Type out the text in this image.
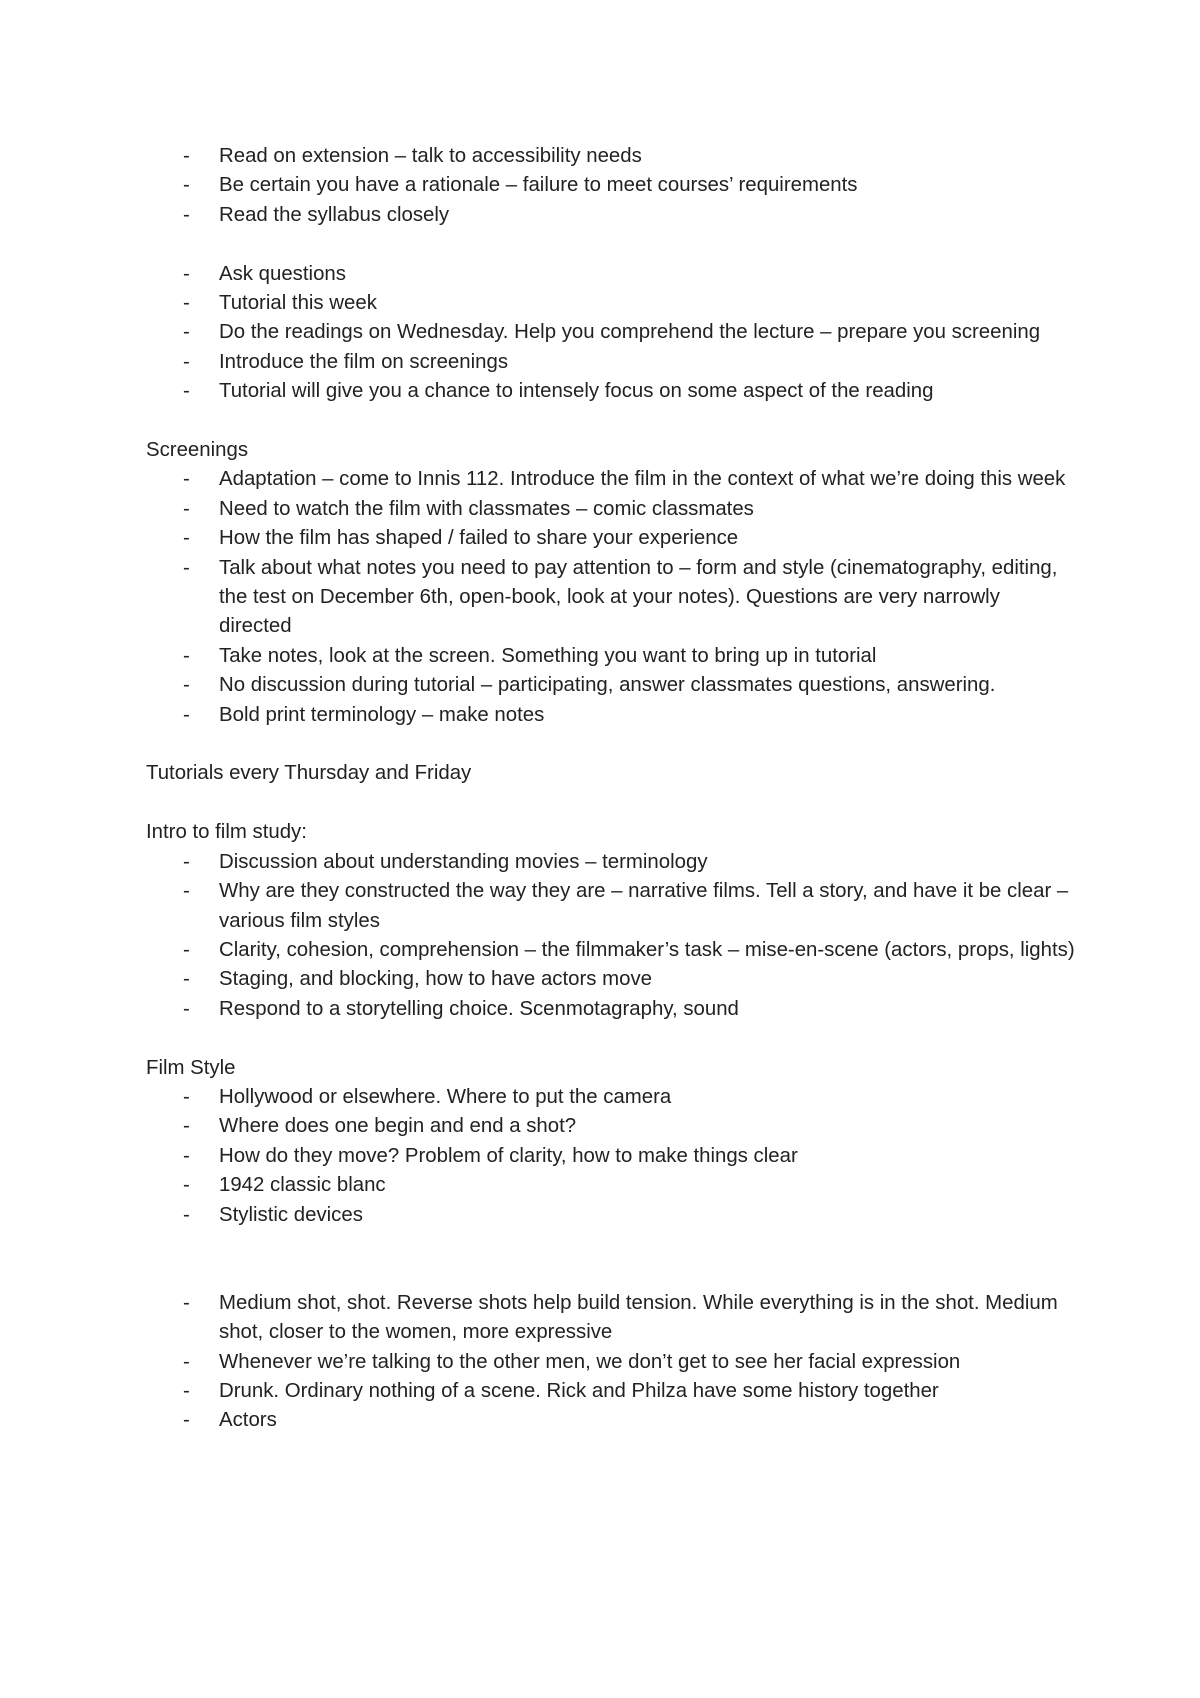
- Read on extension – talk to accessibility needs
- Be certain you have a rationale – failure to meet courses’ requirements
- Read the syllabus closely
- Ask questions
- Tutorial this week
- Do the readings on Wednesday. Help you comprehend the lecture – prepare you screening
- Introduce the film on screenings
- Tutorial will give you a chance to intensely focus on some aspect of the reading

Screenings

- Adaptation – come to Innis 112. Introduce the film in the context of what we’re doing this week
- Need to watch the film with classmates – comic classmates
- How the film has shaped / failed to share your experience
- Talk about what notes you need to pay attention to – form and style (cinematography, editing, the test on December 6th, open-book, look at your notes). Questions are very narrowly directed
- Take notes, look at the screen. Something you want to bring up in tutorial
- No discussion during tutorial – participating, answer classmates questions, answering.
- Bold print terminology – make notes

Tutorials every Thursday and Friday

Intro to film study:

- Discussion about understanding movies – terminology
- Why are they constructed the way they are – narrative films. Tell a story, and have it be clear – various film styles
- Clarity, cohesion, comprehension – the filmmaker’s task – mise-en-scene (actors, props, lights)
- Staging, and blocking, how to have actors move
- Respond to a storytelling choice. Scenmotagraphy, sound

Film Style

- Hollywood or elsewhere. Where to put the camera
- Where does one begin and end a shot?
- How do they move? Problem of clarity, how to make things clear
- 1942 classic blanc
- Stylistic devices
- Medium shot, shot. Reverse shots help build tension. While everything is in the shot. Medium shot, closer to the women, more expressive
- Whenever we’re talking to the other men, we don’t get to see her facial expression
- Drunk. Ordinary nothing of a scene. Rick and Philza have some history together
- Actors
